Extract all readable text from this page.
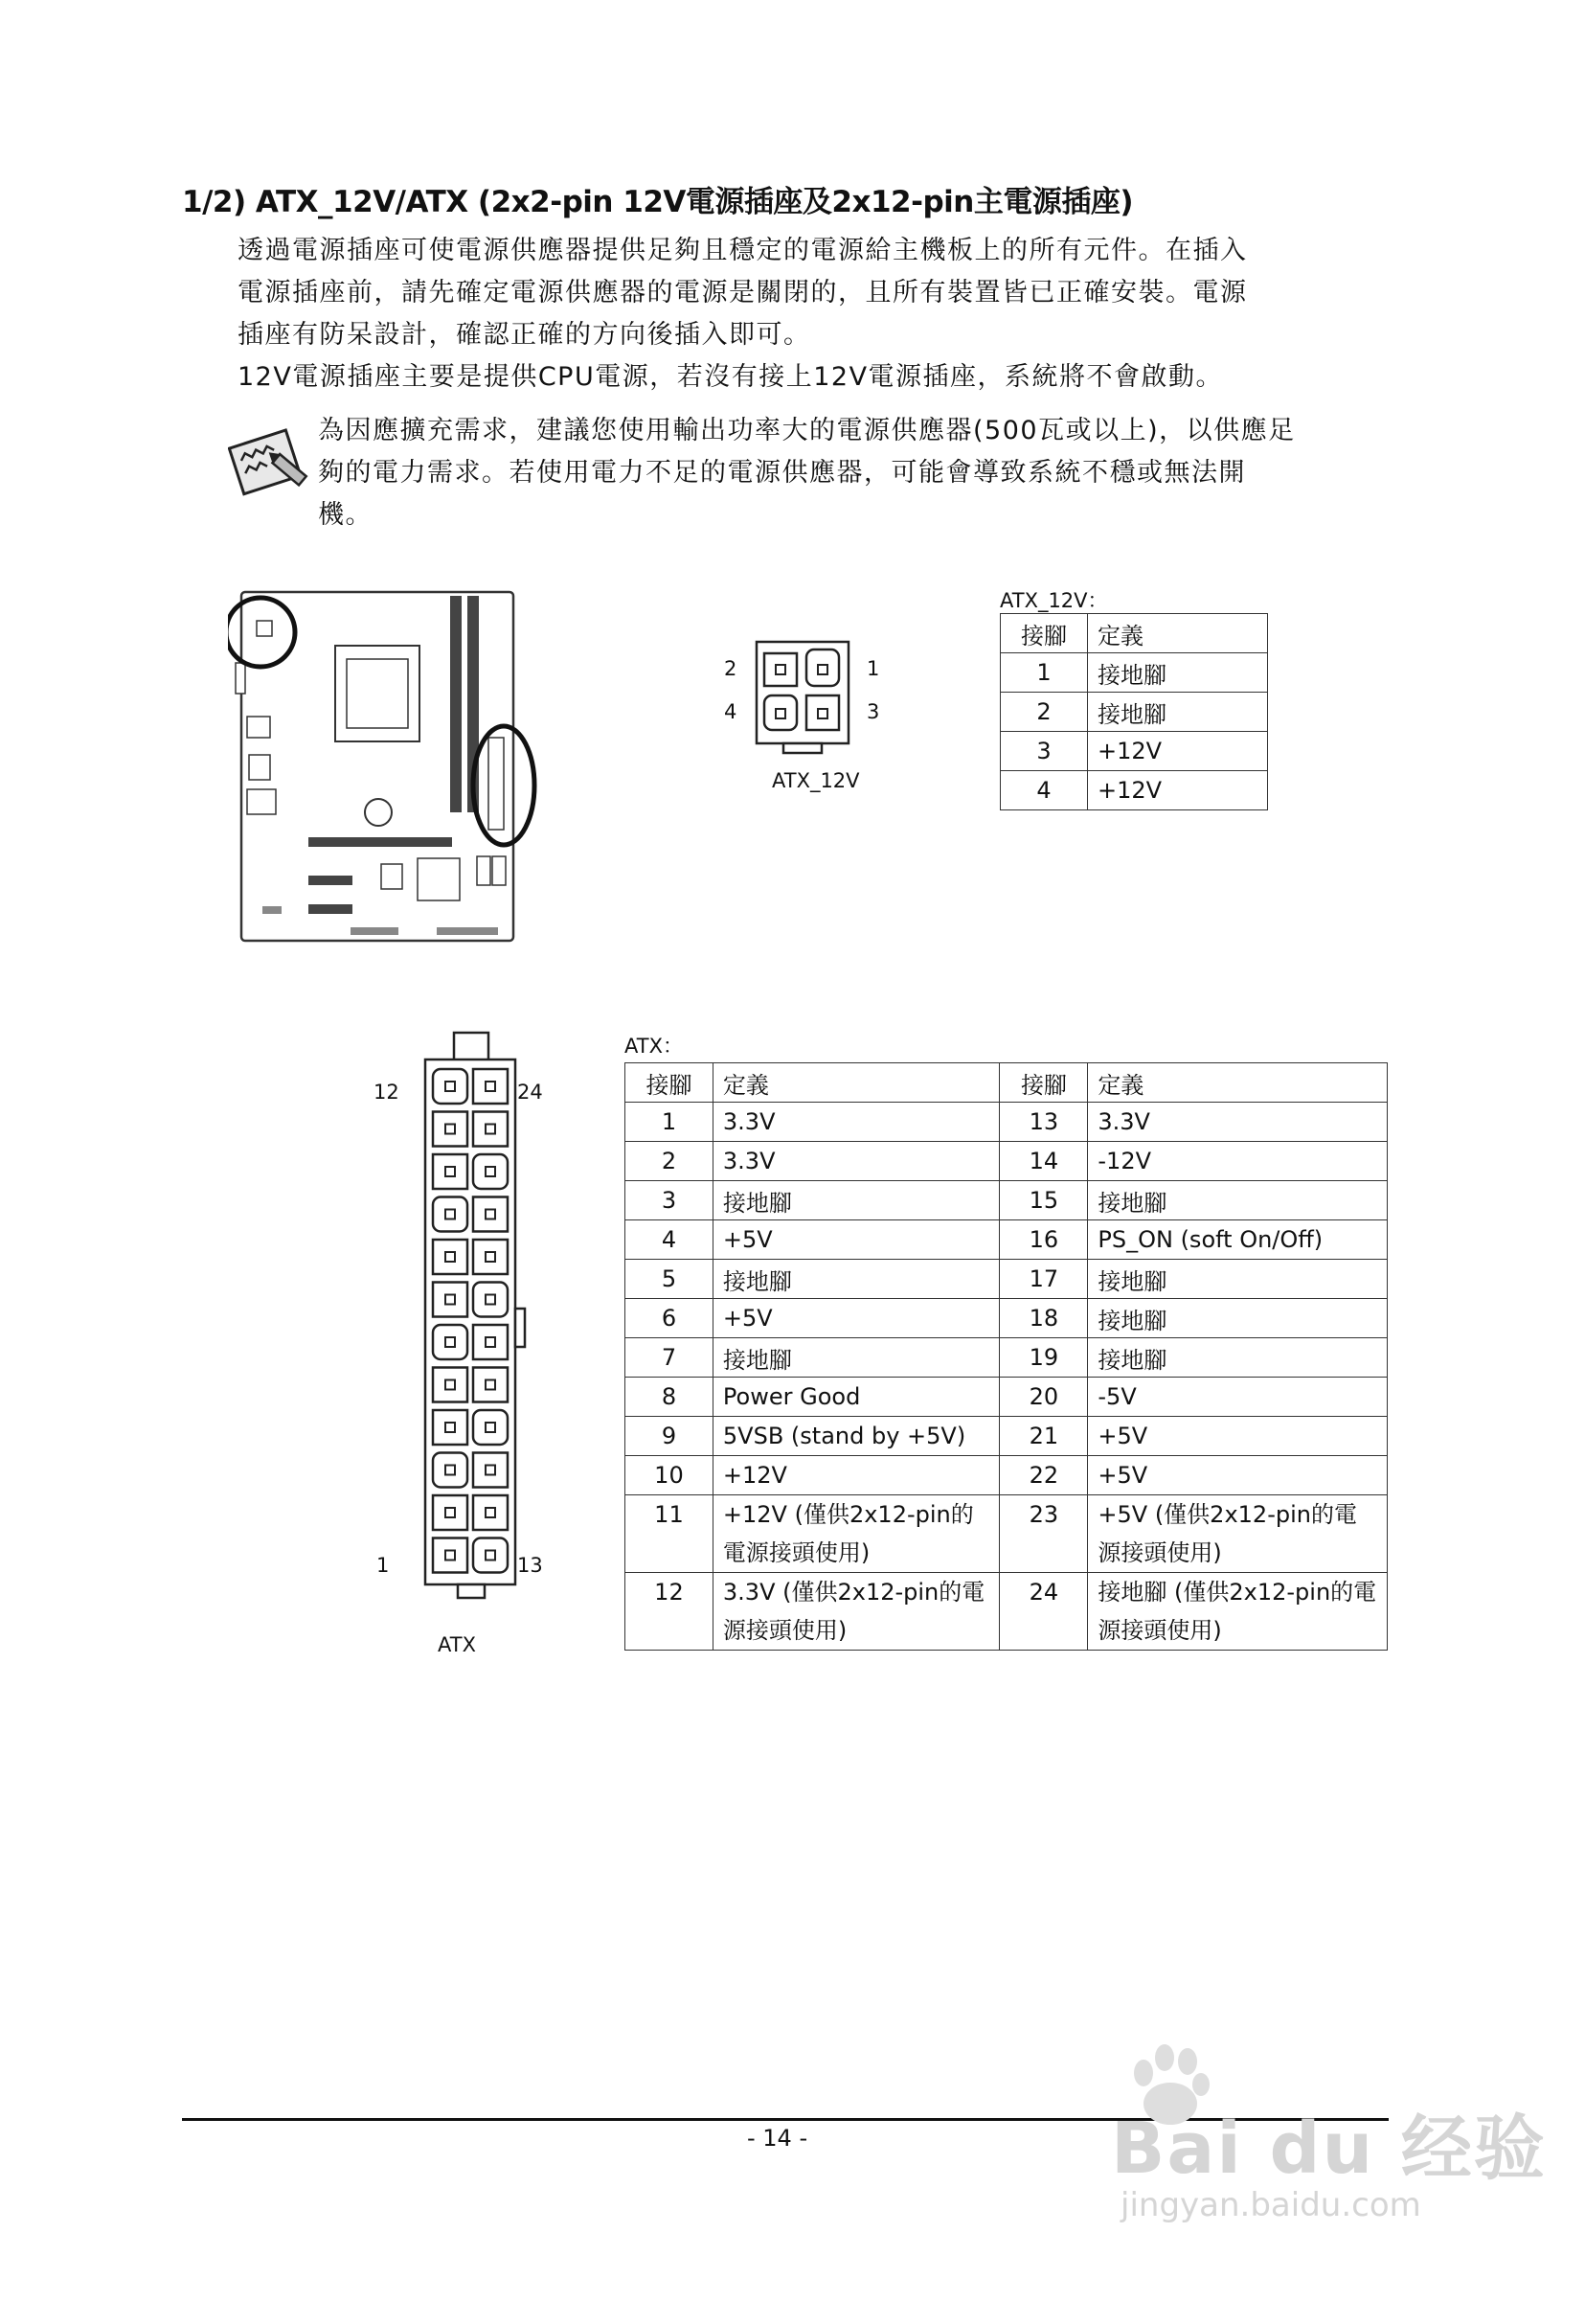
1/2) ATX_12V/ATX (2x2-pin 12V電源插座及2x12-pin主電源插座)
透過電源插座可使電源供應器提供足夠且穩定的電源給主機板上的所有元件。在插入
電源插座前，請先確定電源供應器的電源是關閉的，且所有裝置皆已正確安裝。電源
插座有防呆設計，確認正確的方向後插入即可。
12V電源插座主要是提供CPU電源，若沒有接上12V電源插座，系統將不會啟動。
為因應擴充需求，建議您使用輸出功率大的電源供應器(500瓦或以上)，以供應足
夠的電力需求。若使用電力不足的電源供應器，可能會導致系統不穩或無法開
機。
2	1
4	3
ATX_12V
ATX_12V：
接腳	定義
1	接地腳
2	接地腳
3	+12V
4	+12V
12	24
1	13
ATX
ATX：
接腳	定義	接腳	定義
1	3.3V	13	3.3V
2	3.3V	14	-12V
3	接地腳	15	接地腳
4	+5V	16	PS_ON (soft On/Off)
5	接地腳	17	接地腳
6	+5V	18	接地腳
7	接地腳	19	接地腳
8	Power Good	20	-5V
9	5VSB (stand by +5V)	21	+5V
10	+12V	22	+5V
11	+12V (僅供2x12-pin的電源接頭使用)	23	+5V (僅供2x12-pin的電源接頭使用)
12	3.3V (僅供2x12-pin的電源接頭使用)	24	接地腳 (僅供2x12-pin的電源接頭使用)
- 14 -	Bai du 经验
jingyan.baidu.com
